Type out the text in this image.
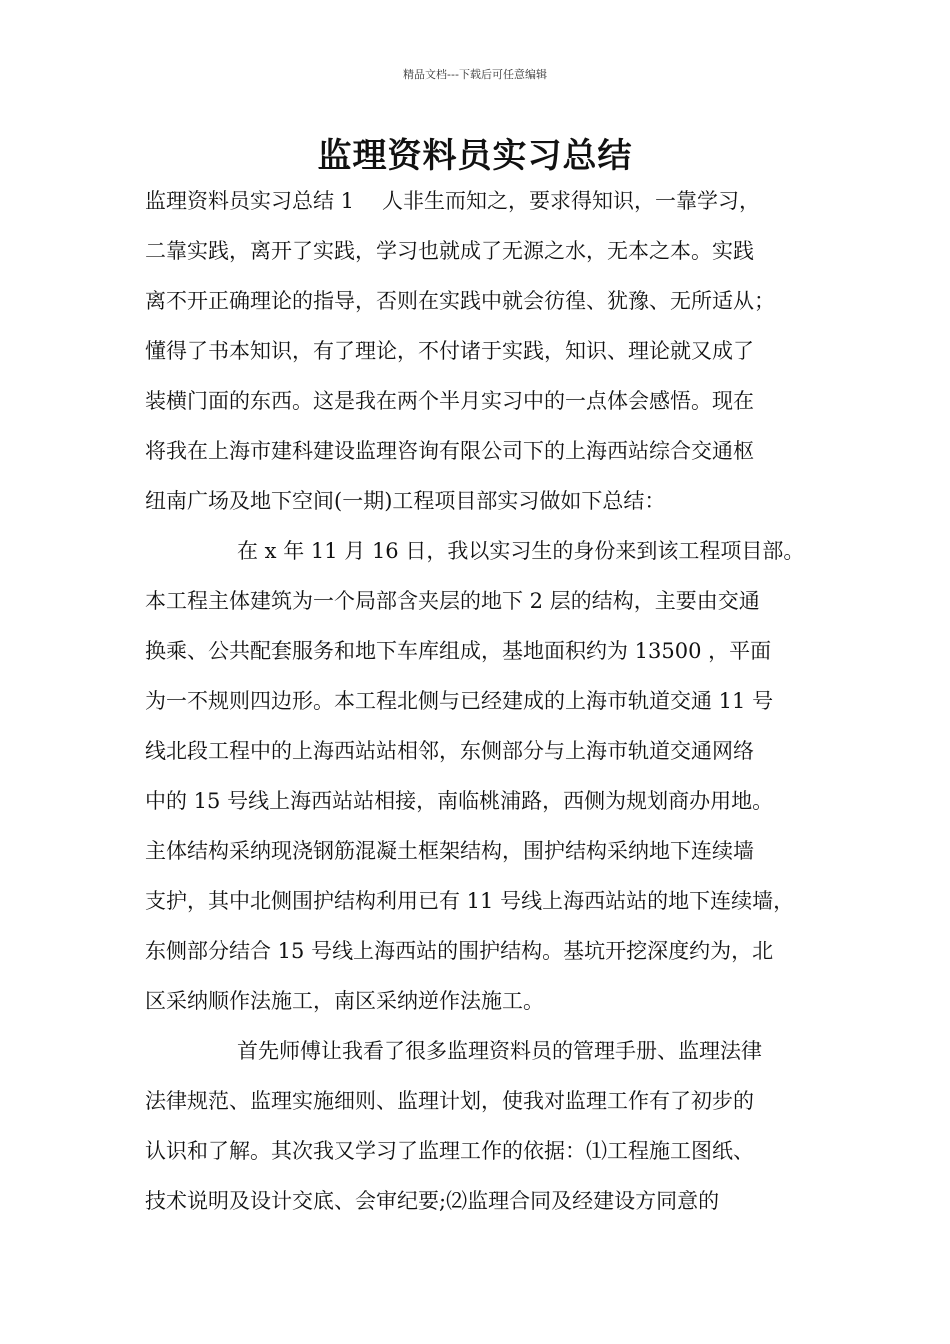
精品文档---下载后可任意编辑
监理资料员实习总结
监理资料员实习总结 1 人非生而知之，要求得知识，一靠学习，
二靠实践，离开了实践，学习也就成了无源之水，无本之本。实践
离不开正确理论的指导，否则在实践中就会彷徨、犹豫、无所适从；
懂得了书本知识，有了理论，不付诸于实践，知识、理论就又成了
装横门面的东西。这是我在两个半月实习中的一点体会感悟。现在
将我在上海市建科建设监理咨询有限公司下的上海西站综合交通枢
纽南广场及地下空间(一期)工程项目部实习做如下总结：
在 x 年 11 月 16 日，我以实习生的身份来到该工程项目部。
本工程主体建筑为一个局部含夹层的地下 2 层的结构，主要由交通
换乘、公共配套服务和地下车库组成，基地面积约为 13500 ，平面
为一不规则四边形。本工程北侧与已经建成的上海市轨道交通 11 号
线北段工程中的上海西站站相邻，东侧部分与上海市轨道交通网络
中的 15 号线上海西站站相接，南临桃浦路，西侧为规划商办用地。
主体结构采纳现浇钢筋混凝土框架结构，围护结构采纳地下连续墙
支护，其中北侧围护结构利用已有 11 号线上海西站站的地下连续墙，
东侧部分结合 15 号线上海西站的围护结构。基坑开挖深度约为，北
区采纳顺作法施工，南区采纳逆作法施工。
首先师傅让我看了很多监理资料员的管理手册、监理法律
法律规范、监理实施细则、监理计划，使我对监理工作有了初步的
认识和了解。其次我又学习了监理工作的依据：⑴工程施工图纸、
技术说明及设计交底、会审纪要;⑵监理合同及经建设方同意的
